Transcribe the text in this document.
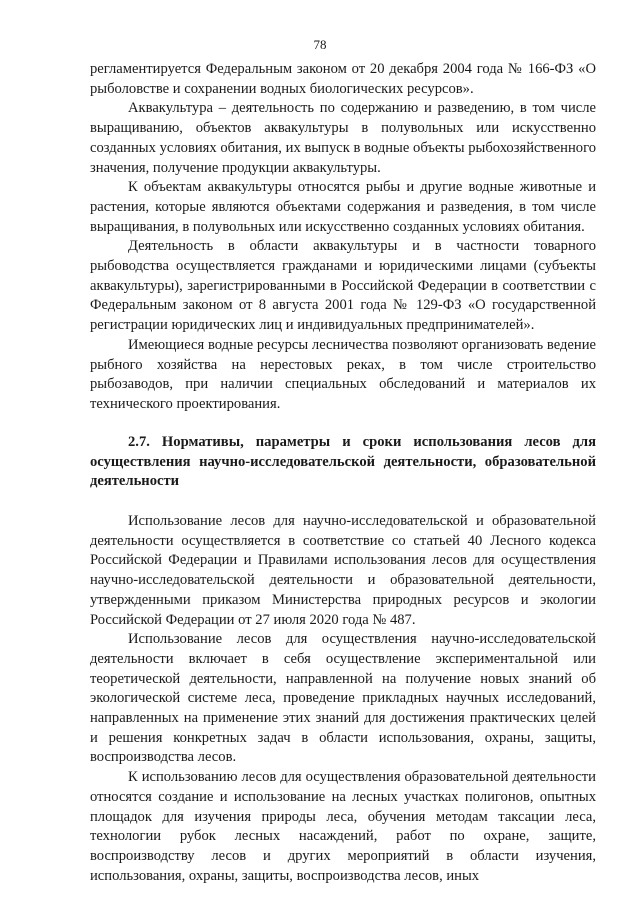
78

регламентируется Федеральным законом от 20 декабря 2004 года № 166-ФЗ «О рыболовстве и сохранении водных биологических ресурсов».

Аквакультура – деятельность по содержанию и разведению, в том числе выращиванию, объектов аквакультуры в полувольных или искусственно созданных условиях обитания, их выпуск в водные объекты рыбохозяйственного значения, получение продукции аквакультуры.

К объектам аквакультуры относятся рыбы и другие водные животные и растения, которые являются объектами содержания и разведения, в том числе выращивания, в полувольных или искусственно созданных условиях обитания.

Деятельность в области аквакультуры и в частности товарного рыбоводства осуществляется гражданами и юридическими лицами (субъекты аквакультуры), зарегистрированными в Российской Федерации в соответствии с Федеральным законом от 8 августа 2001 года № 129-ФЗ «О государственной регистрации юридических лиц и индивидуальных предпринимателей».

Имеющиеся водные ресурсы лесничества позволяют организовать ведение рыбного хозяйства на нерестовых реках, в том числе строительство рыбозаводов, при наличии специальных обследований и материалов их технического проектирования.

2.7. Нормативы, параметры и сроки использования лесов для осуществления научно-исследовательской деятельности, образовательной деятельности

Использование лесов для научно-исследовательской и образовательной деятельности осуществляется в соответствие со статьей 40 Лесного кодекса Российской Федерации и Правилами использования лесов для осуществления научно-исследовательской деятельности и образовательной деятельности, утвержденными приказом Министерства природных ресурсов и экологии Российской Федерации от 27 июля 2020 года № 487.

Использование лесов для осуществления научно-исследовательской деятельности включает в себя осуществление экспериментальной или теоретической деятельности, направленной на получение новых знаний об экологической системе леса, проведение прикладных научных исследований, направленных на применение этих знаний для достижения практических целей и решения конкретных задач в области использования, охраны, защиты, воспроизводства лесов.

К использованию лесов для осуществления образовательной деятельности относятся создание и использование на лесных участках полигонов, опытных площадок для изучения природы леса, обучения методам таксации леса, технологии рубок лесных насаждений, работ по охране, защите, воспроизводству лесов и других мероприятий в области изучения, использования, охраны, защиты, воспроизводства лесов, иных
